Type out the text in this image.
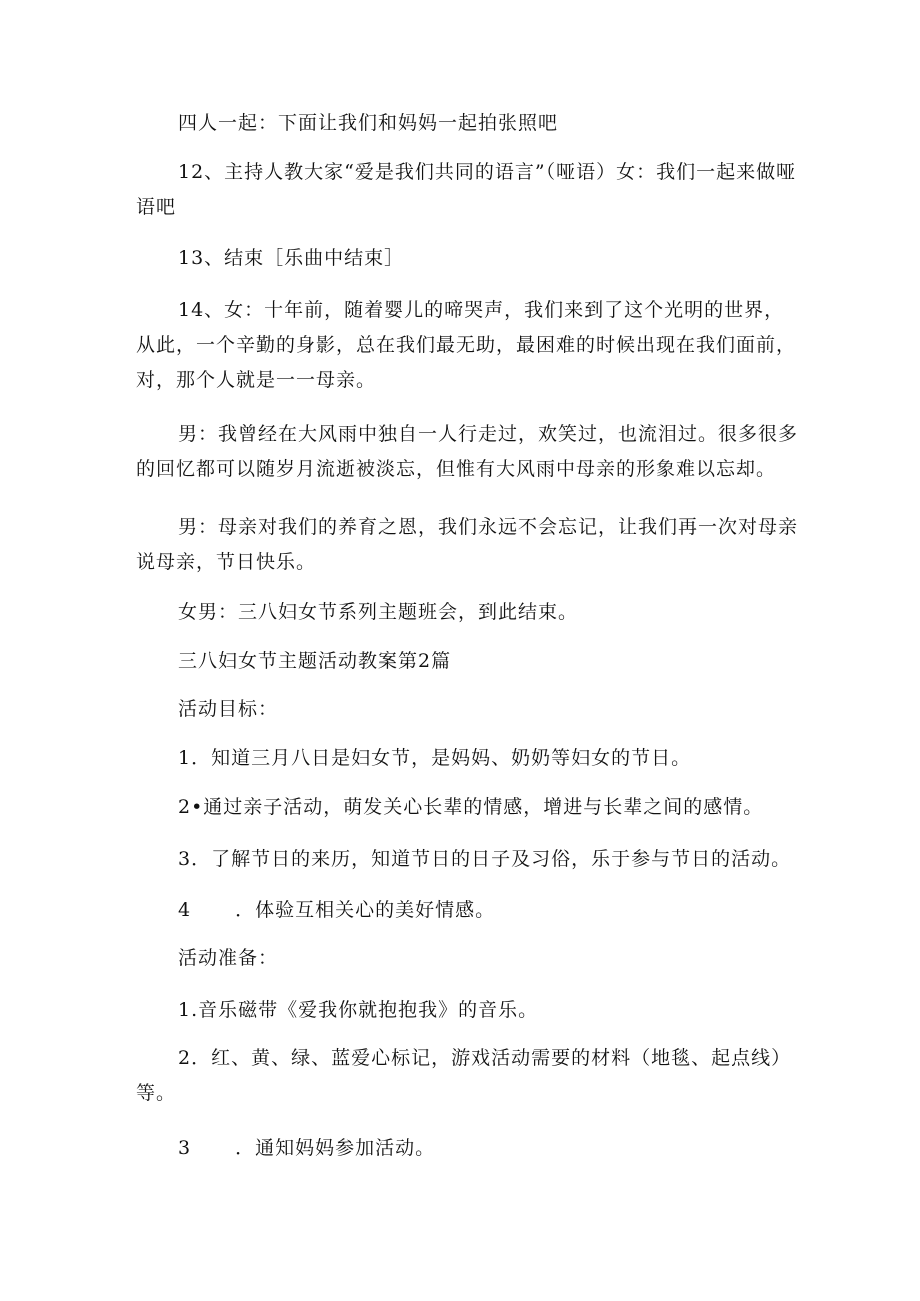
四人一起：下面让我们和妈妈一起拍张照吧
12、主持人教大家“爱是我们共同的语言”（哑语）女：我们一起来做哑语吧
13、结束［乐曲中结束］
14、女：十年前，随着婴儿的啼哭声，我们来到了这个光明的世界，从此，一个辛勤的身影，总在我们最无助，最困难的时候出现在我们面前，对，那个人就是一一母亲。
男：我曾经在大风雨中独自一人行走过，欢笑过，也流泪过。很多很多的回忆都可以随岁月流逝被淡忘，但惟有大风雨中母亲的形象难以忘却。
男：母亲对我们的养育之恩，我们永远不会忘记，让我们再一次对母亲说母亲，节日快乐。
女男：三八妇女节系列主题班会，到此结束。
三八妇女节主题活动教案第2篇
活动目标：
1．知道三月八日是妇女节，是妈妈、奶奶等妇女的节日。
2•通过亲子活动，萌发关心长辈的情感，增进与长辈之间的感情。
3．了解节日的来历，知道节日的日子及习俗，乐于参与节日的活动。
4 ．体验互相关心的美好情感。
活动准备：
1.音乐磁带《爱我你就抱抱我》的音乐。
2．红、黄、绿、蓝爱心标记，游戏活动需要的材料（地毯、起点线）等。
3 ．通知妈妈参加活动。
